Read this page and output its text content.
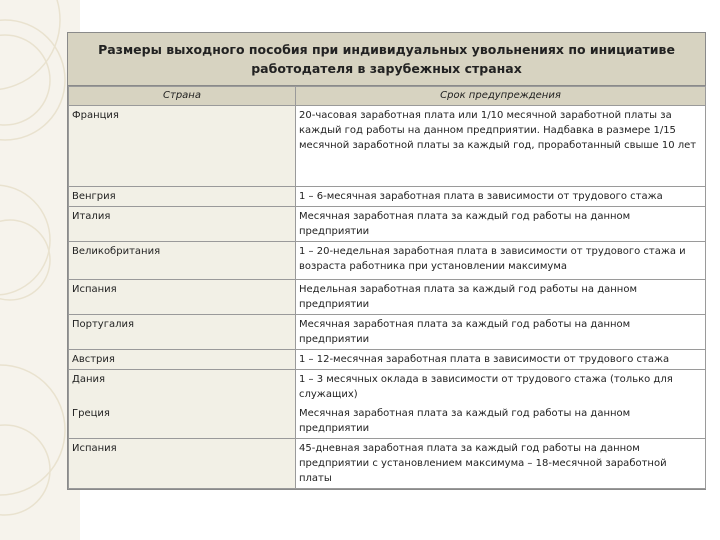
Размеры выходного пособия при индивидуальных увольнениях по инициативе работодателя в зарубежных странах
Страна	Срок предупреждения
Франция	20-часовая заработная плата или 1/10 месячной заработной платы за каждый год работы на данном предприятии. Надбавка в размере 1/15 месячной заработной платы за каждый год, проработанный свыше 10 лет
Венгрия	1 – 6-месячная заработная плата в зависимости от трудового стажа
Италия	Месячная заработная плата за каждый год работы на данном предприятии
Великобритания	1 – 20-недельная заработная плата в зависимости от трудового стажа и возраста работника при установлении максимума
Испания	Недельная заработная плата за каждый год работы на данном предприятии
Португалия	Месячная заработная плата за каждый год работы на данном предприятии
Австрия	1 – 12-месячная заработная плата в зависимости от трудового стажа
Дания	1 – 3 месячных оклада в зависимости от трудового стажа (только для служащих)
Греция	Месячная заработная плата за каждый год работы на данном предприятии
Испания	45-дневная заработная плата за каждый год работы на данном предприятии с установлением максимума – 18-месячной заработной платы
